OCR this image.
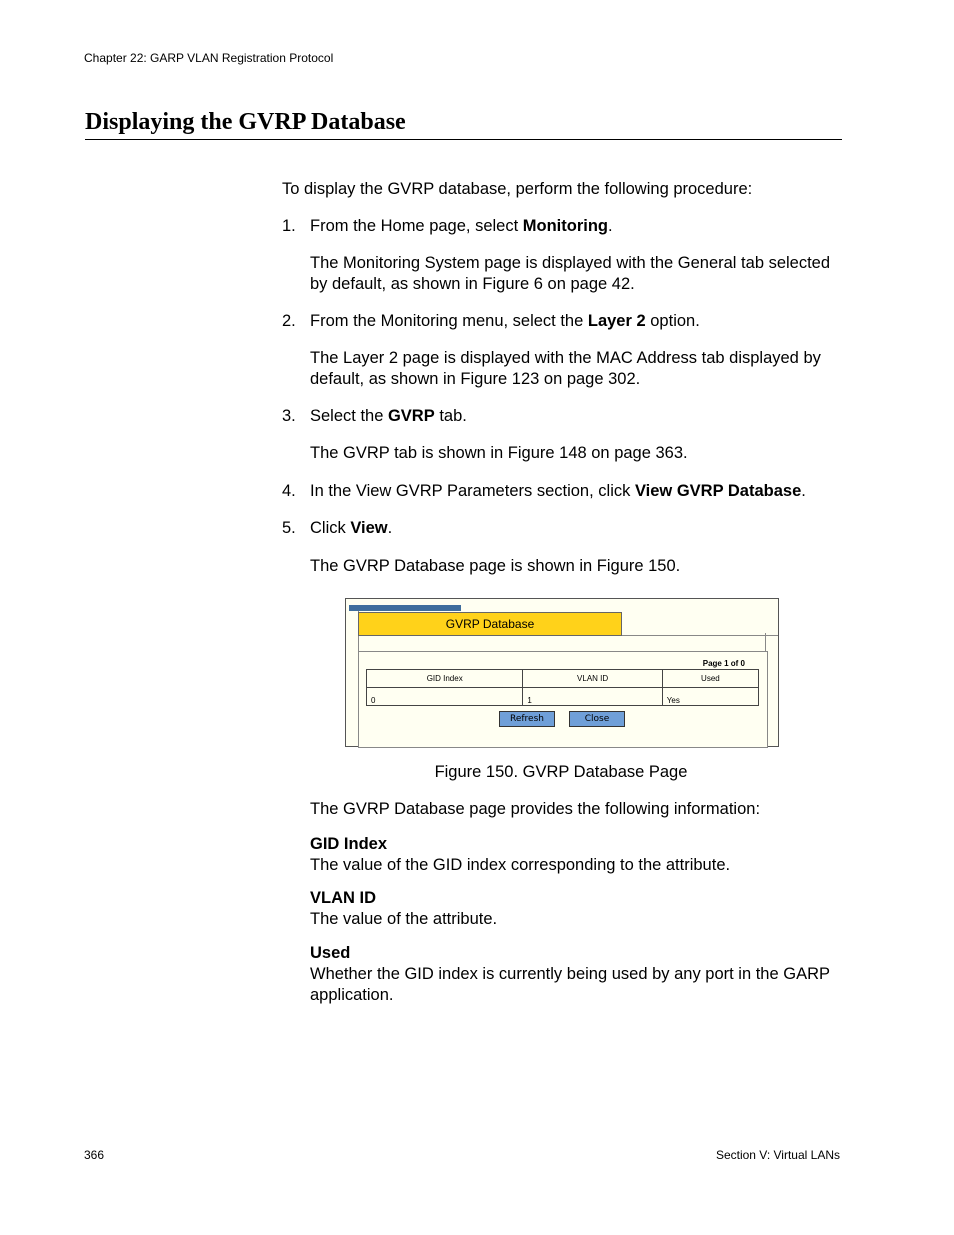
Chapter 22: GARP VLAN Registration Protocol
Displaying the GVRP Database
To display the GVRP database, perform the following procedure:
1. From the Home page, select Monitoring.
The Monitoring System page is displayed with the General tab selected by default, as shown in Figure 6 on page 42.
2. From the Monitoring menu, select the Layer 2 option.
The Layer 2 page is displayed with the MAC Address tab displayed by default, as shown in Figure 123 on page 302.
3. Select the GVRP tab.
The GVRP tab is shown in Figure 148 on page 363.
4. In the View GVRP Parameters section, click View GVRP Database.
5. Click View.
The GVRP Database page is shown in Figure 150.
GVRP Database
Page 1 of 0
GID Index	VLAN ID	Used
0	1	Yes
Refresh	Close
Figure 150. GVRP Database Page
The GVRP Database page provides the following information:
GID Index
The value of the GID index corresponding to the attribute.
VLAN ID
The value of the attribute.
Used
Whether the GID index is currently being used by any port in the GARP application.
366	Section V: Virtual LANs
